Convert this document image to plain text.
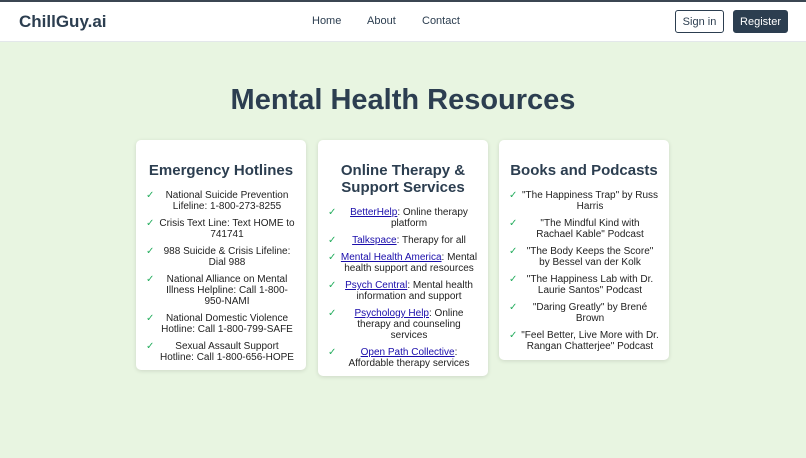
ChillGuy.ai	Home About Contact	Sign in	Register
Mental Health Resources
Emergency Hotlines
✓	National Suicide Prevention Lifeline: 1-800-273-8255
✓ Crisis Text Line: Text HOME to 741741
✓ 988 Suicide & Crisis Lifeline: Dial 988
✓	National Alliance on Mental Illness Helpline: Call 1-800-950-NAMI
✓	National Domestic Violence Hotline: Call 1-800-799-SAFE
✓	Sexual Assault Support Hotline: Call 1-800-656-HOPE
Online Therapy & Support Services
✓	BetterHelp: Online therapy platform
✓	Talkspace: Therapy for all
✓ Mental Health America: Mental health support and resources
✓ Psych Central: Mental health information and support
✓	Psychology Help: Online therapy and counseling services
✓	Open Path Collective: Affordable therapy services
Books and Podcasts
✓ "The Happiness Trap" by Russ Harris
✓	"The Mindful Kind with Rachael Kable" Podcast
✓ "The Body Keeps the Score" by Bessel van der Kolk
✓ "The Happiness Lab with Dr. Laurie Santos" Podcast
✓	"Daring Greatly" by Brené Brown
✓ "Feel Better, Live More with Dr. Rangan Chatterjee" Podcast
